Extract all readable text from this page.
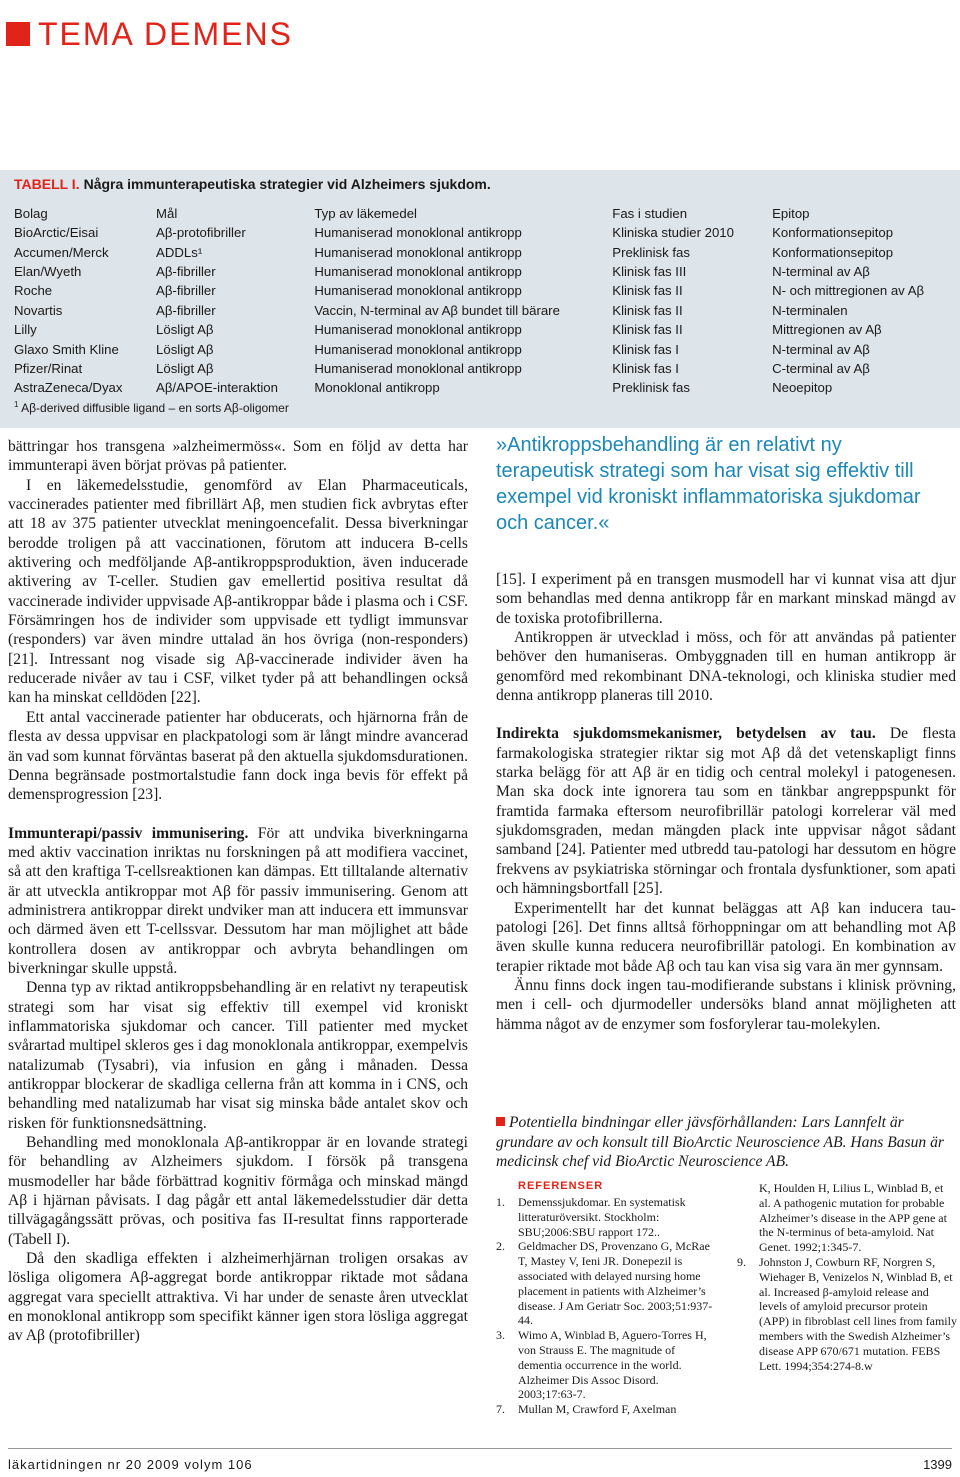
TEMA DEMENS
TABELL I. Några immunterapeutiska strategier vid Alzheimers sjukdom.
Bolag	Mål	Typ av läkemedel	Fas i studien	Epitop
BioArctic/Eisai	Aβ-protofibriller	Humaniserad monoklonal antikropp	Kliniska studier 2010	Konformationsepitop
Accumen/Merck	ADDLs¹	Humaniserad monoklonal antikropp	Preklinisk fas	Konformationsepitop
Elan/Wyeth	Aβ-fibriller	Humaniserad monoklonal antikropp	Klinisk fas III	N-terminal av Aβ
Roche	Aβ-fibriller	Humaniserad monoklonal antikropp	Klinisk fas II	N- och mittregionen av Aβ
Novartis	Aβ-fibriller	Vaccin, N-terminal av Aβ bundet till bärare	Klinisk fas II	N-terminalen
Lilly	Lösligt Aβ	Humaniserad monoklonal antikropp	Klinisk fas II	Mittregionen av Aβ
Glaxo Smith Kline	Lösligt Aβ	Humaniserad monoklonal antikropp	Klinisk fas I	N-terminal av Aβ
Pfizer/Rinat	Lösligt Aβ	Humaniserad monoklonal antikropp	Klinisk fas I	C-terminal av Aβ
AstraZeneca/Dyax	Aβ/APOE-interaktion	Monoklonal antikropp	Preklinisk fas	Neoepitop
$^1$ Aβ-derived diffusible ligand – en sorts Aβ-oligomer

bättringar hos transgena »alzheimermöss«. Som en följd av detta har immunterapi även börjat prövas på patienter.

I en läkemedelsstudie, genomförd av Elan Pharmaceuticals, vaccinerades patienter med fibrillärt Aβ, men studien fick avbrytas efter att 18 av 375 patienter utvecklat meningoencefalit. Dessa biverkningar berodde troligen på att vaccinationen, förutom att inducera B-cells aktivering och medföljande Aβ-antikroppsproduktion, även inducerade aktivering av T-celler. Studien gav emellertid positiva resultat då vaccinerade individer uppvisade Aβ-antikroppar både i plasma och i CSF. Försämringen hos de individer som uppvisade ett tydligt immunsvar (responders) var även mindre uttalad än hos övriga (non-responders) [21]. Intressant nog visade sig Aβ-vaccinerade individer även ha reducerade nivåer av tau i CSF, vilket tyder på att behandlingen också kan ha minskat celldöden [22].

Ett antal vaccinerade patienter har obducerats, och hjärnorna från de flesta av dessa uppvisar en plackpatologi som är långt mindre avancerad än vad som kunnat förväntas baserat på den aktuella sjukdomsdurationen. Denna begränsade postmortalstudie fann dock inga bevis för effekt på demensprogression [23].

Immunterapi/passiv immunisering. För att undvika biverkningarna med aktiv vaccination inriktas nu forskningen på att modifiera vaccinet, så att den kraftiga T-cellsreaktionen kan dämpas. Ett tilltalande alternativ är att utveckla antikroppar mot Aβ för passiv immunisering. Genom att administrera antikroppar direkt undviker man att inducera ett immunsvar och därmed även ett T-cellssvar. Dessutom har man möjlighet att både kontrollera dosen av antikroppar och avbryta behandlingen om biverkningar skulle uppstå.

Denna typ av riktad antikroppsbehandling är en relativt ny terapeutisk strategi som har visat sig effektiv till exempel vid kroniskt inflammatoriska sjukdomar och cancer. Till patienter med mycket svårartad multipel skleros ges i dag monoklonala antikroppar, exempelvis natalizumab (Tysabri), via infusion en gång i månaden. Dessa antikroppar blockerar de skadliga cellerna från att komma in i CNS, och behandling med natalizumab har visat sig minska både antalet skov och risken för funktionsnedsättning.

Behandling med monoklonala Aβ-antikroppar är en lovande strategi för behandling av Alzheimers sjukdom. I försök på transgena musmodeller har både förbättrad kognitiv förmåga och minskad mängd Aβ i hjärnan påvisats. I dag pågår ett antal läkemedelsstudier där detta tillvägagångssätt prövas, och positiva fas II-resultat finns rapporterade (Tabell I).

Då den skadliga effekten i alzheimerhjärnan troligen orsakas av lösliga oligomera Aβ-aggregat borde antikroppar riktade mot sådana aggregat vara speciellt attraktiva. Vi har under de senaste åren utvecklat en monoklonal antikropp som specifikt känner igen stora lösliga aggregat av Aβ (protofibriller)

»Antikroppsbehandling är en relativt ny terapeutisk strategi som har visat sig effektiv till exempel vid kroniskt inflammatoriska sjukdomar och cancer.«

[15]. I experiment på en transgen musmodell har vi kunnat visa att djur som behandlas med denna antikropp får en markant minskad mängd av de toxiska protofibrillerna.

Antikroppen är utvecklad i möss, och för att användas på patienter behöver den humaniseras. Ombyggnaden till en human antikropp är genomförd med rekombinant DNA-teknologi, och kliniska studier med denna antikropp planeras till 2010.

Indirekta sjukdomsmekanismer, betydelsen av tau. De flesta farmakologiska strategier riktar sig mot Aβ då det vetenskapligt finns starka belägg för att Aβ är en tidig och central molekyl i patogenesen. Man ska dock inte ignorera tau som en tänkbar angreppspunkt för framtida farmaka eftersom neurofibrillär patologi korrelerar väl med sjukdomsgraden, medan mängden plack inte uppvisar något sådant samband [24]. Patienter med utbredd tau-patologi har dessutom en högre frekvens av psykiatriska störningar och frontala dysfunktioner, som apati och hämningsbortfall [25].

Experimentellt har det kunnat beläggas att Aβ kan inducera tau-patologi [26]. Det finns alltså förhoppningar om att behandling mot Aβ även skulle kunna reducera neurofibrillär patologi. En kombination av terapier riktade mot både Aβ och tau kan visa sig vara än mer gynnsam.

Ännu finns dock ingen tau-modifierande substans i klinisk prövning, men i cell- och djurmodeller undersöks bland annat möjligheten att hämma något av de enzymer som fosforylerar tau-molekylen.

Potentiella bindningar eller jävsförhållanden: Lars Lannfelt är grundare av och konsult till BioArctic Neuroscience AB. Hans Basun är medicinsk chef vid BioArctic Neuroscience AB.
REFERENSER
1.	Demenssjukdomar. En systematisk litteraturöversikt. Stockholm: SBU;2006:SBU rapport 172..
2.	Geldmacher DS, Provenzano G, McRae T, Mastey V, Ieni JR. Donepezil is associated with delayed nursing home placement in patients with Alzheimer’s disease. J Am Geriatr Soc. 2003;51:937-44.
3.	Wimo A, Winblad B, Aguero-Torres H, von Strauss E. The magnitude of dementia occurrence in the world. Alzheimer Dis Assoc Disord. 2003;17:63-7.
7.	Mullan M, Crawford F, Axelman
K, Houlden H, Lilius L, Winblad B, et al. A pathogenic mutation for probable Alzheimer’s disease in the APP gene at the N-terminus of beta-amyloid. Nat Genet. 1992;1:345-7.
9.	Johnston J, Cowburn RF, Norgren S, Wiehager B, Venizelos N, Winblad B, et al. Increased β-amyloid release and levels of amyloid precursor protein (APP) in fibroblast cell lines from family members with the Swedish Alzheimer’s disease APP 670/671 mutation. FEBS Lett. 1994;354:274-8.w
läkartidningen nr 20 2009 volym 106	1399
